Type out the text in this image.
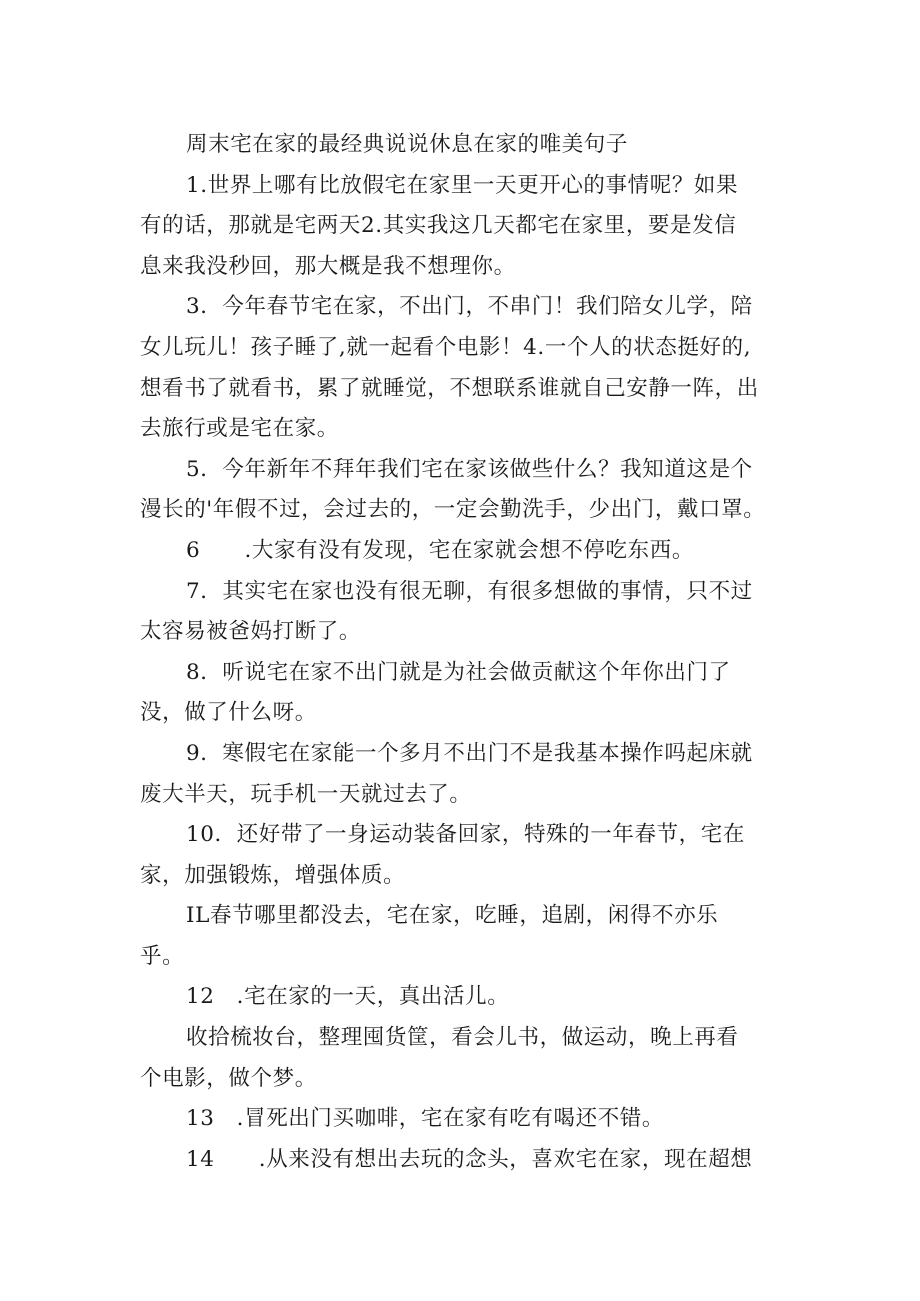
周末宅在家的最经典说说休息在家的唯美句子
1.世界上哪有比放假宅在家里一天更开心的事情呢？如果
有的话，那就是宅两天2.其实我这几天都宅在家里，要是发信
息来我没秒回，那大概是我不想理你。
3．今年春节宅在家，不出门，不串门！我们陪女儿学，陪
女儿玩儿！孩子睡了,就一起看个电影！4.一个人的状态挺好的,
想看书了就看书，累了就睡觉，不想联系谁就自己安静一阵，出
去旅行或是宅在家。
5．今年新年不拜年我们宅在家该做些什么？我知道这是个
漫长的'年假不过，会过去的，一定会勤洗手，少出门，戴口罩。
6　　.大家有没有发现，宅在家就会想不停吃东西。
7．其实宅在家也没有很无聊，有很多想做的事情，只不过
太容易被爸妈打断了。
8．听说宅在家不出门就是为社会做贡献这个年你出门了
没，做了什么呀。
9．寒假宅在家能一个多月不出门不是我基本操作吗起床就
废大半天，玩手机一天就过去了。
10．还好带了一身运动装备回家，特殊的一年春节，宅在
家，加强锻炼，增强体质。
IL春节哪里都没去，宅在家，吃睡，追剧，闲得不亦乐
乎。
12　.宅在家的一天，真出活儿。
收拾梳妆台，整理囤货筐，看会儿书，做运动，晚上再看
个电影，做个梦。
13　.冒死出门买咖啡，宅在家有吃有喝还不错。
14　　.从来没有想出去玩的念头，喜欢宅在家，现在超想
